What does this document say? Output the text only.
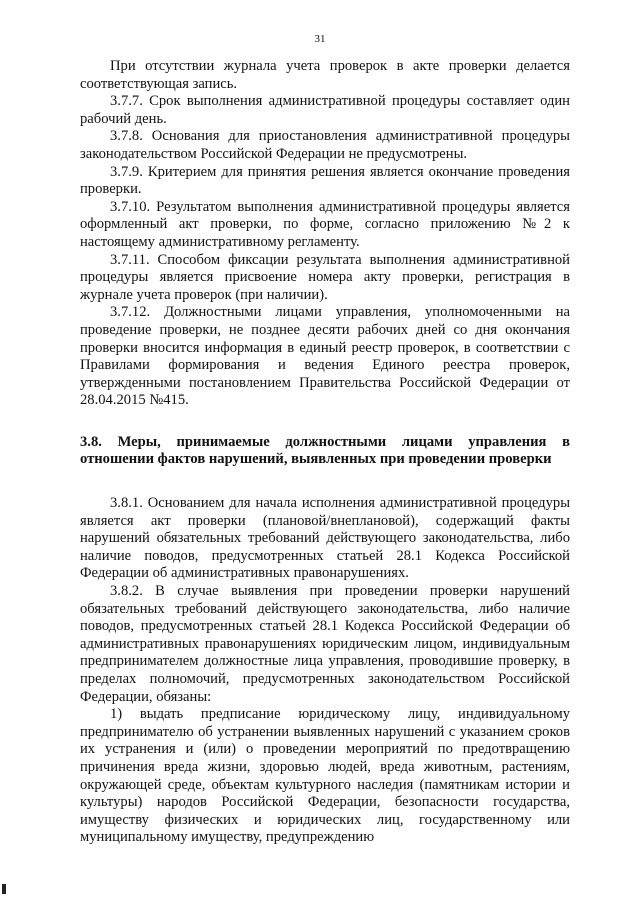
31

При отсутствии журнала учета проверок в акте проверки делается соответствующая запись.

3.7.7. Срок выполнения административной процедуры составляет один рабочий день.

3.7.8. Основания для приостановления административной процедуры законодательством Российской Федерации не предусмотрены.

3.7.9. Критерием для принятия решения является окончание проведения проверки.

3.7.10. Результатом выполнения административной процедуры является оформленный акт проверки, по форме, согласно приложению №2 к настоящему административному регламенту.

3.7.11. Способом фиксации результата выполнения административной процедуры является присвоение номера акту проверки, регистрация в журнале учета проверок (при наличии).

3.7.12. Должностными лицами управления, уполномоченными на проведение проверки, не позднее десяти рабочих дней со дня окончания проверки вносится информация в единый реестр проверок, в соответствии с Правилами формирования и ведения Единого реестра проверок, утвержденными постановлением Правительства Российской Федерации от 28.04.2015 №415.

3.8. Меры, принимаемые должностными лицами управления в отношении фактов нарушений, выявленных при проведении проверки

3.8.1. Основанием для начала исполнения административной процедуры является акт проверки (плановой/внеплановой), содержащий факты нарушений обязательных требований действующего законодательства, либо наличие поводов, предусмотренных статьей 28.1 Кодекса Российской Федерации об административных правонарушениях.

3.8.2. В случае выявления при проведении проверки нарушений обязательных требований действующего законодательства, либо наличие поводов, предусмотренных статьей 28.1 Кодекса Российской Федерации об административных правонарушениях юридическим лицом, индивидуальным предпринимателем должностные лица управления, проводившие проверку, в пределах полномочий, предусмотренных законодательством Российской Федерации, обязаны:

1) выдать предписание юридическому лицу, индивидуальному предпринимателю об устранении выявленных нарушений с указанием сроков их устранения и (или) о проведении мероприятий по предотвращению причинения вреда жизни, здоровью людей, вреда животным, растениям, окружающей среде, объектам культурного наследия (памятникам истории и культуры) народов Российской Федерации, безопасности государства, имуществу физических и юридических лиц, государственному или муниципальному имуществу, предупреждению
